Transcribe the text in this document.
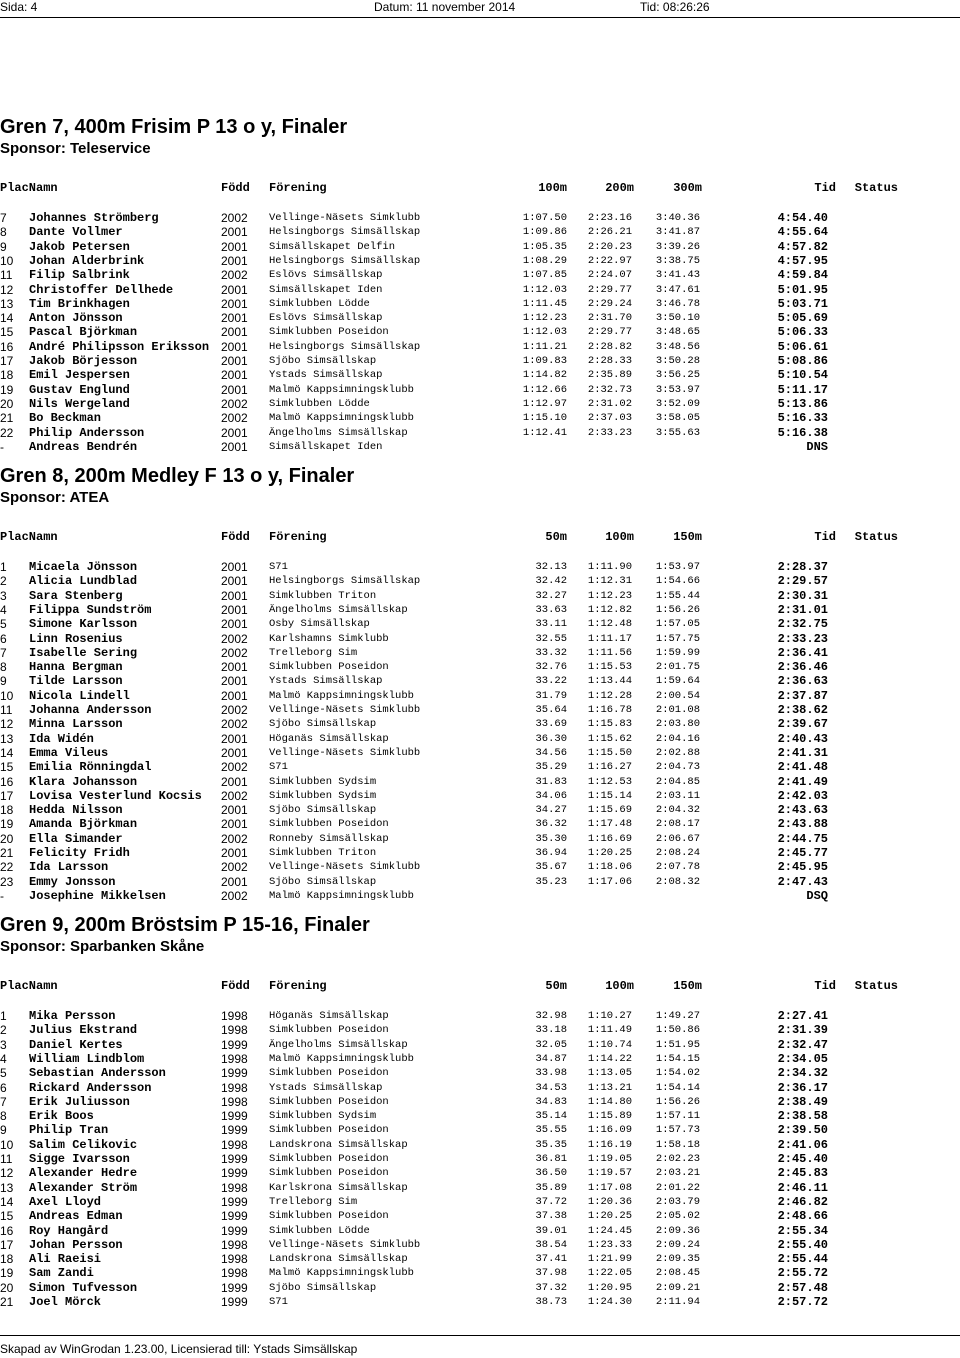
Sida: 4	Datum: 11 november 2014	Tid: 08:26:26
Gren 7, 400m Frisim P 13 o y, Finaler
Sponsor: Teleservice
PlacNamn	Född Förening	100m	200m	300m	Tid Status
7 Johannes Strömberg	2002 Vellinge-Näsets Simklubb	1:07.50 2:23.16 3:40.36	4:54.40
8 Dante Vollmer	2001 Helsingborgs Simsällskap	1:09.86 2:26.21 3:41.87	4:55.64
9 Jakob Petersen	2001 Simsällskapet Delfin	1:05.35 2:20.23 3:39.26	4:57.82
10 Johan Alderbrink	2001 Helsingborgs Simsällskap	1:08.29 2:22.97 3:38.75	4:57.95
11 Filip Salbrink	2002 Eslövs Simsällskap	1:07.85 2:24.07 3:41.43	4:59.84
12 Christoffer Dellhede	2001 Simsällskapet Iden	1:12.03 2:29.77 3:47.61	5:01.95
13 Tim Brinkhagen	2001 Simklubben Lödde	1:11.45 2:29.24 3:46.78	5:03.71
14 Anton Jönsson	2001 Eslövs Simsällskap	1:12.23 2:31.70 3:50.10	5:05.69
15 Pascal Björkman	2001 Simklubben Poseidon	1:12.03 2:29.77 3:48.65	5:06.33
16 André Philipsson Eriksson 2001 Helsingborgs Simsällskap	1:11.21 2:28.82 3:48.56	5:06.61
17 Jakob Börjesson	2001 Sjöbo Simsällskap	1:09.83 2:28.33 3:50.28	5:08.86
18 Emil Jespersen	2001 Ystads Simsällskap	1:14.82 2:35.89 3:56.25	5:10.54
19 Gustav Englund	2001 Malmö Kappsimningsklubb	1:12.66 2:32.73 3:53.97	5:11.17
20 Nils Wergeland	2002 Simklubben Lödde	1:12.97 2:31.02 3:52.09	5:13.86
21 Bo Beckman	2002 Malmö Kappsimningsklubb	1:15.10 2:37.03 3:58.05	5:16.33
22 Philip Andersson	2001 Ängelholms Simsällskap	1:12.41 2:33.23 3:55.63	5:16.38
- Andreas Bendrén	2001 Simsällskapet Iden	DNS
Gren 8, 200m Medley F 13 o y, Finaler
Sponsor: ATEA
PlacNamn	Född Förening	50m	100m	150m	Tid Status
1 Micaela Jönsson	2001 S71	32.13 1:11.90 1:53.97	2:28.37
2 Alicia Lundblad	2001 Helsingborgs Simsällskap	32.42 1:12.31 1:54.66	2:29.57
3 Sara Stenberg	2001 Simklubben Triton	32.27 1:12.23 1:55.44	2:30.31
4 Filippa Sundström	2001 Ängelholms Simsällskap	33.63 1:12.82 1:56.26	2:31.01
5 Simone Karlsson	2001 Osby Simsällskap	33.11 1:12.48 1:57.05	2:32.75
6 Linn Rosenius	2002 Karlshamns Simklubb	32.55 1:11.17 1:57.75	2:33.23
7 Isabelle Sering	2002 Trelleborg Sim	33.32 1:11.56 1:59.99	2:36.41
8 Hanna Bergman	2001 Simklubben Poseidon	32.76 1:15.53 2:01.75	2:36.46
9 Tilde Larsson	2001 Ystads Simsällskap	33.22 1:13.44 1:59.64	2:36.63
10 Nicola Lindell	2001 Malmö Kappsimningsklubb	31.79 1:12.28 2:00.54	2:37.87
11 Johanna Andersson	2002 Vellinge-Näsets Simklubb	35.64 1:16.78 2:01.08	2:38.62
12 Minna Larsson	2002 Sjöbo Simsällskap	33.69 1:15.83 2:03.80	2:39.67
13 Ida Widén	2001 Höganäs Simsällskap	36.30 1:15.62 2:04.16	2:40.43
14 Emma Vileus	2001 Vellinge-Näsets Simklubb	34.56 1:15.50 2:02.88	2:41.31
15 Emilia Rönningdal	2002 S71	35.29 1:16.27 2:04.73	2:41.48
16 Klara Johansson	2001 Simklubben Sydsim	31.83 1:12.53 2:04.85	2:41.49
17 Lovisa Vesterlund Kocsis 2002 Simklubben Sydsim	34.06 1:15.14 2:03.11	2:42.03
18 Hedda Nilsson	2001 Sjöbo Simsällskap	34.27 1:15.69 2:04.32	2:43.63
19 Amanda Björkman	2001 Simklubben Poseidon	36.32 1:17.48 2:08.17	2:43.88
20 Ella Simander	2002 Ronneby Simsällskap	35.30 1:16.69 2:06.67	2:44.75
21 Felicity Fridh	2001 Simklubben Triton	36.94 1:20.25 2:08.24	2:45.77
22 Ida Larsson	2002 Vellinge-Näsets Simklubb	35.67 1:18.06 2:07.78	2:45.95
23 Emmy Jonsson	2001 Sjöbo Simsällskap	35.23 1:17.06 2:08.32	2:47.43
- Josephine Mikkelsen	2002 Malmö Kappsimningsklubb	DSQ
Gren 9, 200m Bröstsim P 15-16, Finaler
Sponsor: Sparbanken Skåne
PlacNamn	Född Förening	50m	100m	150m	Tid Status
1 Mika Persson	1998 Höganäs Simsällskap	32.98 1:10.27 1:49.27	2:27.41
2 Julius Ekstrand	1998 Simklubben Poseidon	33.18 1:11.49 1:50.86	2:31.39
3 Daniel Kertes	1999 Ängelholms Simsällskap	32.05 1:10.74 1:51.95	2:32.47
4 William Lindblom	1998 Malmö Kappsimningsklubb	34.87 1:14.22 1:54.15	2:34.05
5 Sebastian Andersson	1999 Simklubben Poseidon	33.98 1:13.05 1:54.02	2:34.32
6 Rickard Andersson	1998 Ystads Simsällskap	34.53 1:13.21 1:54.14	2:36.17
7 Erik Juliusson	1998 Simklubben Poseidon	34.83 1:14.80 1:56.26	2:38.49
8 Erik Boos	1999 Simklubben Sydsim	35.14 1:15.89 1:57.11	2:38.58
9 Philip Tran	1999 Simklubben Poseidon	35.55 1:16.09 1:57.73	2:39.50
10 Salim Celikovic	1998 Landskrona Simsällskap	35.35 1:16.19 1:58.18	2:41.06
11 Sigge Ivarsson	1999 Simklubben Poseidon	36.81 1:19.05 2:02.23	2:45.40
12 Alexander Hedre	1999 Simklubben Poseidon	36.50 1:19.57 2:03.21	2:45.83
13 Alexander Ström	1998 Karlskrona Simsällskap	35.89 1:17.08 2:01.22	2:46.11
14 Axel Lloyd	1999 Trelleborg Sim	37.72 1:20.36 2:03.79	2:46.82
15 Andreas Edman	1999 Simklubben Poseidon	37.38 1:20.25 2:05.02	2:48.66
16 Roy Hangård	1999 Simklubben Lödde	39.01 1:24.45 2:09.36	2:55.34
17 Johan Persson	1998 Vellinge-Näsets Simklubb	38.54 1:23.33 2:09.24	2:55.40
18 Ali Raeisi	1998 Landskrona Simsällskap	37.41 1:21.99 2:09.35	2:55.44
19 Sam Zandi	1998 Malmö Kappsimningsklubb	37.98 1:22.05 2:08.45	2:55.72
20 Simon Tufvesson	1999 Sjöbo Simsällskap	37.32 1:20.95 2:09.21	2:57.48
21 Joel Mörck	1999 S71	38.73 1:24.30 2:11.94	2:57.72
Skapad av WinGrodan 1.23.00, Licensierad till: Ystads Simsällskap
